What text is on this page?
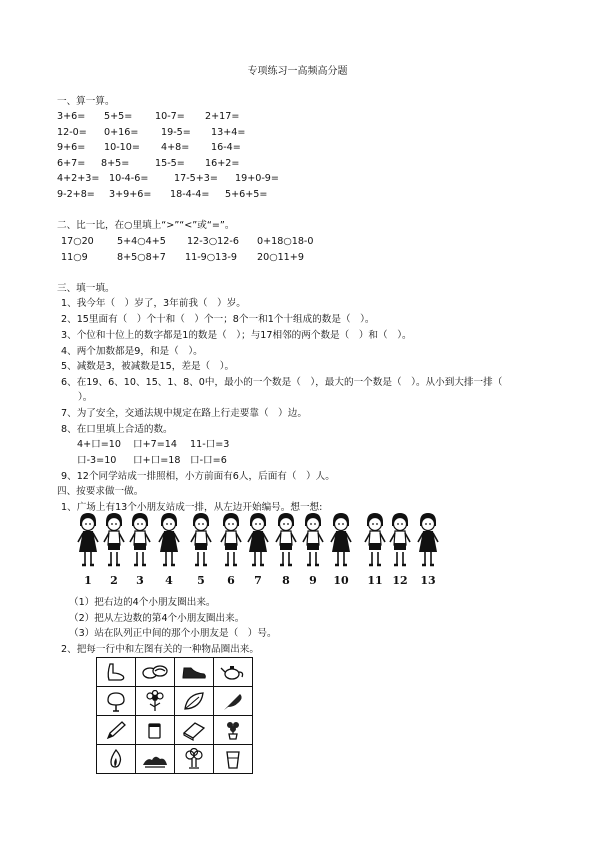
专项练习一高频高分题
一、算一算。
3+6= 5+5= 10-7= 2+17=
12-0= 0+16= 19-5= 13+4=
9+6= 10-10= 4+8= 16-4=
6+7= 8+5=	15-5= 16+2=
4+2+3= 10-4-6=	17-5+3= 19+0-9=
9-2+8= 3+9+6= 18-4-4= 5+6+5=
二、比一比，在○里填上“>”“<”或“=”。
17○20 5+4○4+5 12-3○12-6 0+18○18-0
11○9	8+5○8+7 11-9○13-9 20○11+9
三、填一填。
1、我今年（　）岁了，3年前我（　）岁。
2、15里面有（　）个十和（　）个一；8个一和1个十组成的数是（　）。
3、个位和十位上的数字都是1的数是（　）；与17相邻的两个数是（　）和（　）。
4、两个加数都是9，和是（　）。
5、减数是3，被减数是15，差是（　）。
6、在19、6、10、15、1、8、0中，最小的一个数是（　），最大的一个数是（　）。从小到大排一排（
）。
7、为了安全，交通法规中规定在路上行走要靠（　）边。
8、在口里填上合适的数。
4+口=10 口+7=14 11-口=3
口-3=10 口+口=18 口-口=6
9、12个同学站成一排照相，小方前面有6人，后面有（　）人。
四、按要求做一做。
1、广场上有13个小朋友站成一排，从左边开始编号。想一想:
1	2	3	4	5	6	7	8	9	10	11 12	13
（1）把右边的4个小朋友圈出来。
（2）把从左边数的第4个小朋友圈出来。
（3）站在队列正中间的那个小朋友是（　）号。
2、把每一行中和左图有关的一种物品圈出来。
